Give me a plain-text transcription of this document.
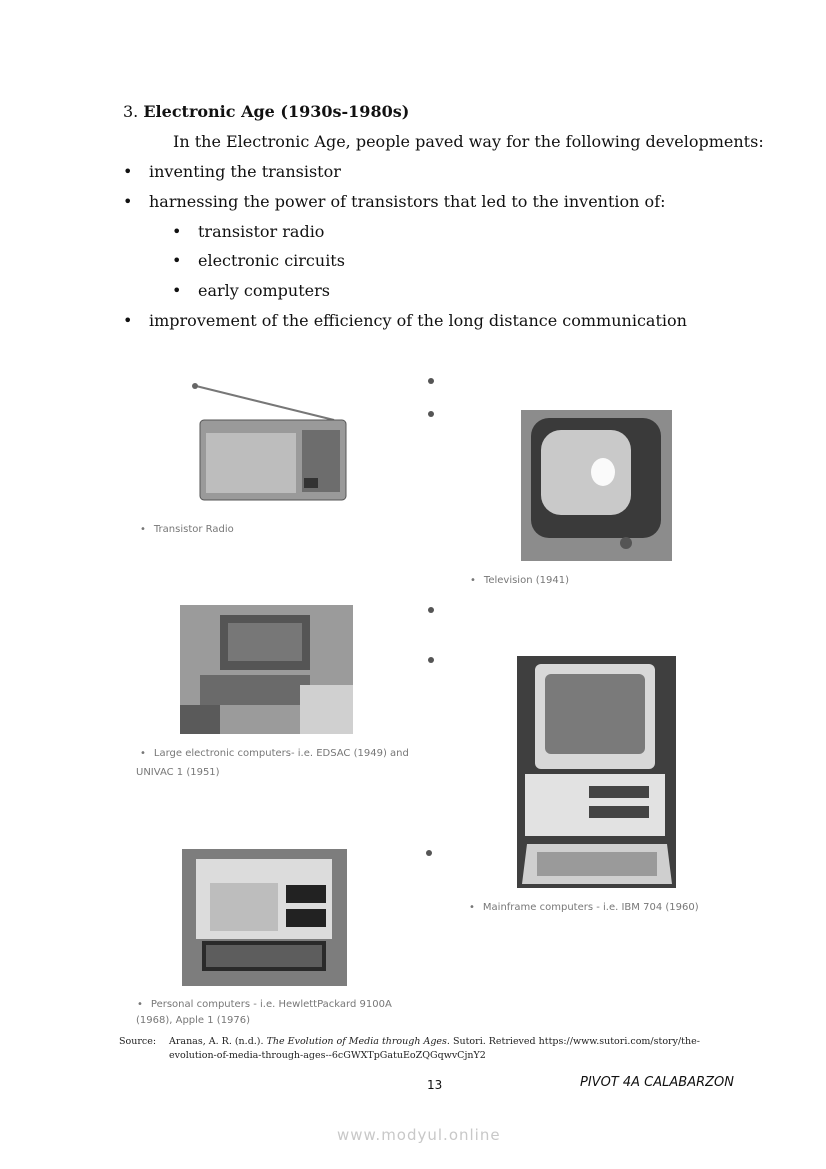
3. Electronic Age (1930s-1980s)
In the Electronic Age, people paved way for the following developments:
• inventing the transistor
• harnessing the power of transistors that led to the invention of:
• transistor radio
• electronic circuits
• early computers
• improvement of the efficiency of the long distance communication
• Transistor Radio
• Television (1941)
• Large electronic computers- i.e. EDSAC (1949) and
UNIVAC 1 (1951)
• Mainframe computers - i.e. IBM 704 (1960)
• Personal computers - i.e. HewlettPackard 9100A
(1968), Apple 1 (1976)
Source: Aranas, A. R. (n.d.). The Evolution of Media through Ages. Sutori. Retrieved https://www.sutori.com/story/the-
evolution-of-media-through-ages--6cGWXTpGatuEoZQGqwvCjnY2
13	PIVOT 4A CALABARZON
www.modyul.online
